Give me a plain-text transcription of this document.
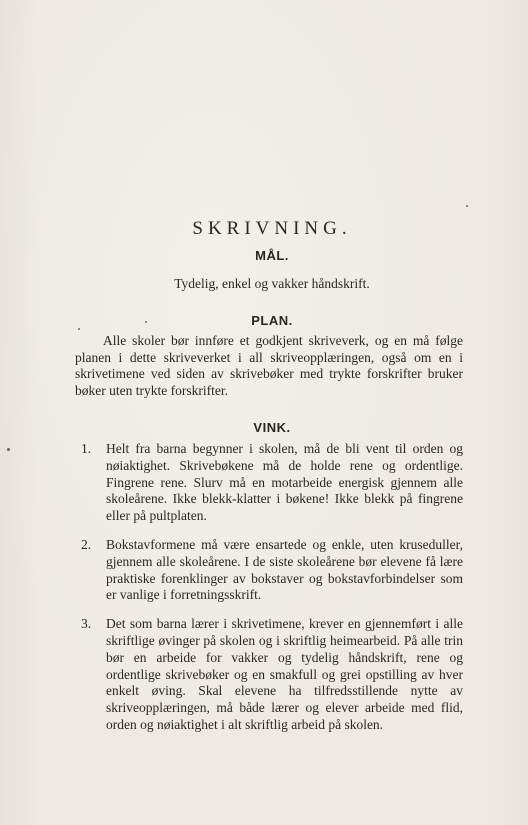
SKRIVNING.
MÅL.
Tydelig, enkel og vakker håndskrift.
PLAN.

Alle skoler bør innføre et godkjent skriveverk, og en må følge planen i dette skriveverket i all skriveopplæringen, også om en i skrivetimene ved siden av skrivebøker med trykte forskrifter bruker bøker uten trykte forskrifter.

VINK.
1. Helt fra barna begynner i skolen, må de bli vent til orden og nøiaktighet. Skrivebøkene må de holde rene og ordentlige. Fingrene rene. Slurv må en motarbeide energisk gjennem alle skoleårene. Ikke blekk-klatter i bøkene! Ikke blekk på fingrene eller på pultplaten.
2. Bokstavformene må være ensartede og enkle, uten kruseduller, gjennem alle skoleårene. I de siste skoleårene bør elevene få lære praktiske forenklinger av bokstaver og bokstavforbindelser som er vanlige i forretningsskrift.
3. Det som barna lærer i skrivetimene, krever en gjennemført i alle skriftlige øvinger på skolen og i skriftlig heimearbeid. På alle trin bør en arbeide for vakker og tydelig håndskrift, rene og ordentlige skrivebøker og en smakfull og grei opstilling av hver enkelt øving. Skal elevene ha tilfredsstillende nytte av skriveopplæringen, må både lærer og elever arbeide med flid, orden og nøiaktighet i alt skriftlig arbeid på skolen.
